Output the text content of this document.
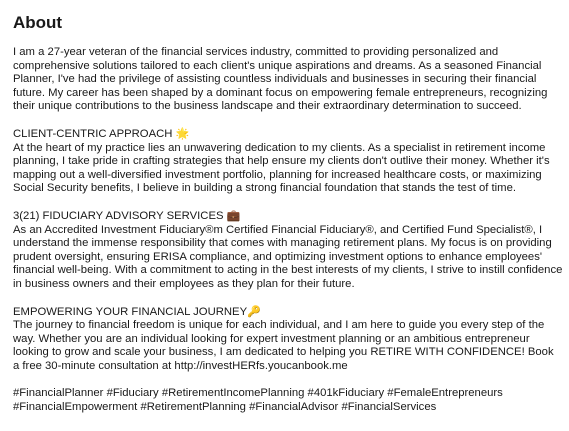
About

I am a 27-year veteran of the financial services industry, committed to providing personalized and comprehensive solutions tailored to each client's unique aspirations and dreams. As a seasoned Financial Planner, I've had the privilege of assisting countless individuals and businesses in securing their financial future. My career has been shaped by a dominant focus on empowering female entrepreneurs, recognizing their unique contributions to the business landscape and their extraordinary determination to succeed.

CLIENT-CENTRIC APPROACH 🌟
At the heart of my practice lies an unwavering dedication to my clients. As a specialist in retirement income planning, I take pride in crafting strategies that help ensure my clients don't outlive their money. Whether it's mapping out a well-diversified investment portfolio, planning for increased healthcare costs, or maximizing Social Security benefits, I believe in building a strong financial foundation that stands the test of time.

3(21) FIDUCIARY ADVISORY SERVICES 💼
As an Accredited Investment Fiduciary®m Certified Financial Fiduciary®, and Certified Fund Specialist®, I understand the immense responsibility that comes with managing retirement plans. My focus is on providing prudent oversight, ensuring ERISA compliance, and optimizing investment options to enhance employees' financial well-being. With a commitment to acting in the best interests of my clients, I strive to instill confidence in business owners and their employees as they plan for their future.

EMPOWERING YOUR FINANCIAL JOURNEY🔑
The journey to financial freedom is unique for each individual, and I am here to guide you every step of the way. Whether you are an individual looking for expert investment planning or an ambitious entrepreneur looking to grow and scale your business, I am dedicated to helping you RETIRE WITH CONFIDENCE! Book a free 30-minute consultation at http://investHERfs.youcanbook.me

#FinancialPlanner #Fiduciary #RetirementIncomePlanning #401kFiduciary #FemaleEntrepreneurs #FinancialEmpowerment #RetirementPlanning #FinancialAdvisor #FinancialServices
